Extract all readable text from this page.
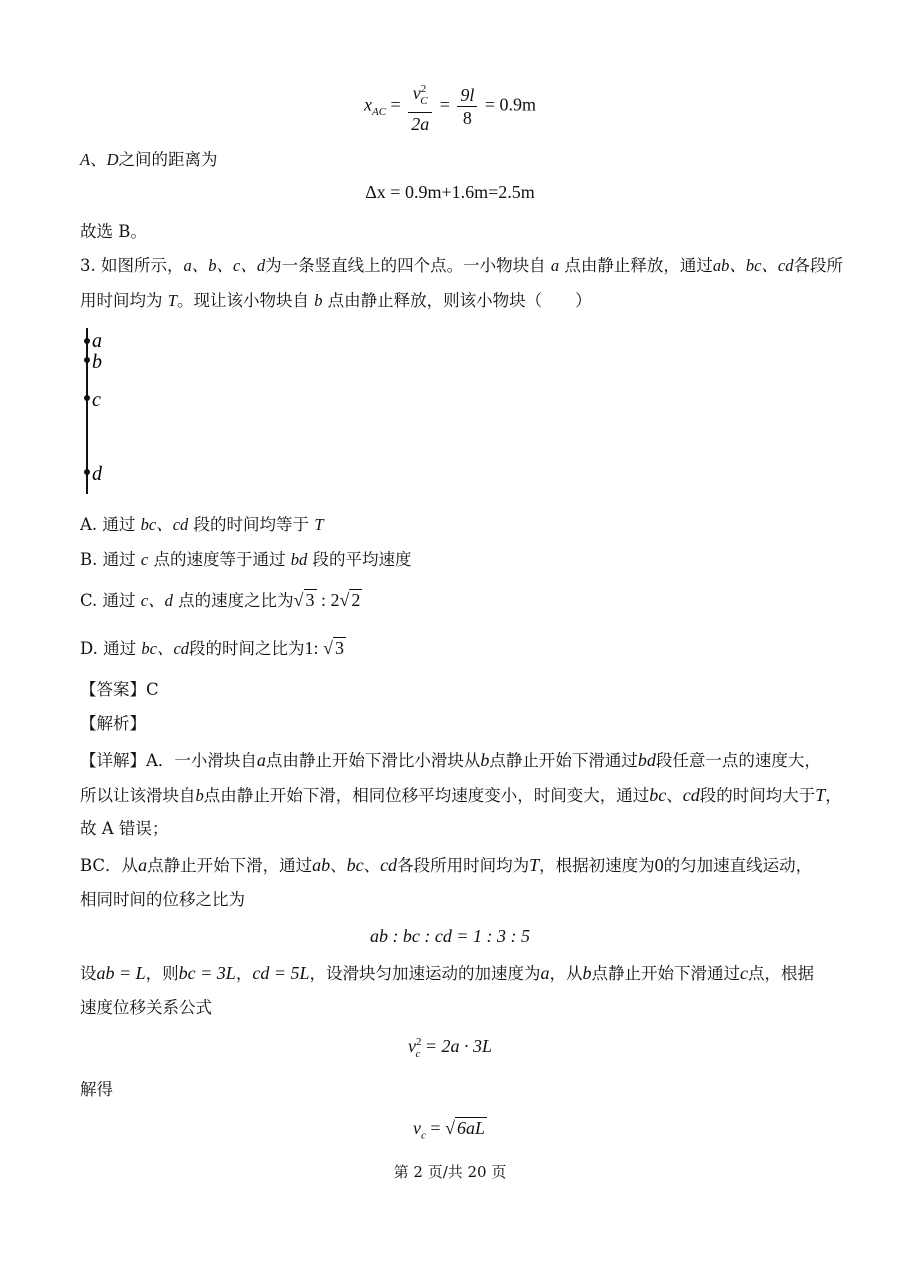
$x_{AC} = \frac{v^2_C}{2a} = \frac{9l}{8} = 0.9m$
A、D之间的距离为
Δx = 0.9m+1.6m=2.5m
故选 B。
3. 如图所示，a、b、c、d为一条竖直线上的四个点。一小物块自 a 点由静止释放，通过ab、bc、cd各段所
用时间均为 T。现让该小物块自 b 点由静止释放，则该小物块（　　）
a
b
c
d
A. 通过 bc、cd 段的时间均等于 T
B. 通过 c 点的速度等于通过 bd 段的平均速度
C. 通过 c、d 点的速度之比为√ 3 : 2√ 2
D. 通过 bc、cd段的时间之比为1: √ 3
【答案】C
【解析】
【详解】A．一小滑块自a点由静止开始下滑比小滑块从b点静止开始下滑通过bd段任意一点的速度大，
所以让该滑块自b点由静止开始下滑，相同位移平均速度变小，时间变大，通过bc、cd段的时间均大于T，
故 A 错误；
BC．从a点静止开始下滑，通过ab、bc、cd各段所用时间均为T，根据初速度为0的匀加速直线运动，
相同时间的位移之比为
ab : bc : cd = 1 : 3 : 5
设ab = L，则bc = 3L，cd = 5L，设滑块匀加速运动的加速度为a，从b点静止开始下滑通过c点，根据
速度位移关系公式
$v^2_c = 2a \cdot 3L$
解得
$v_c$ = √ 6aL
第 2 页/共 20 页
